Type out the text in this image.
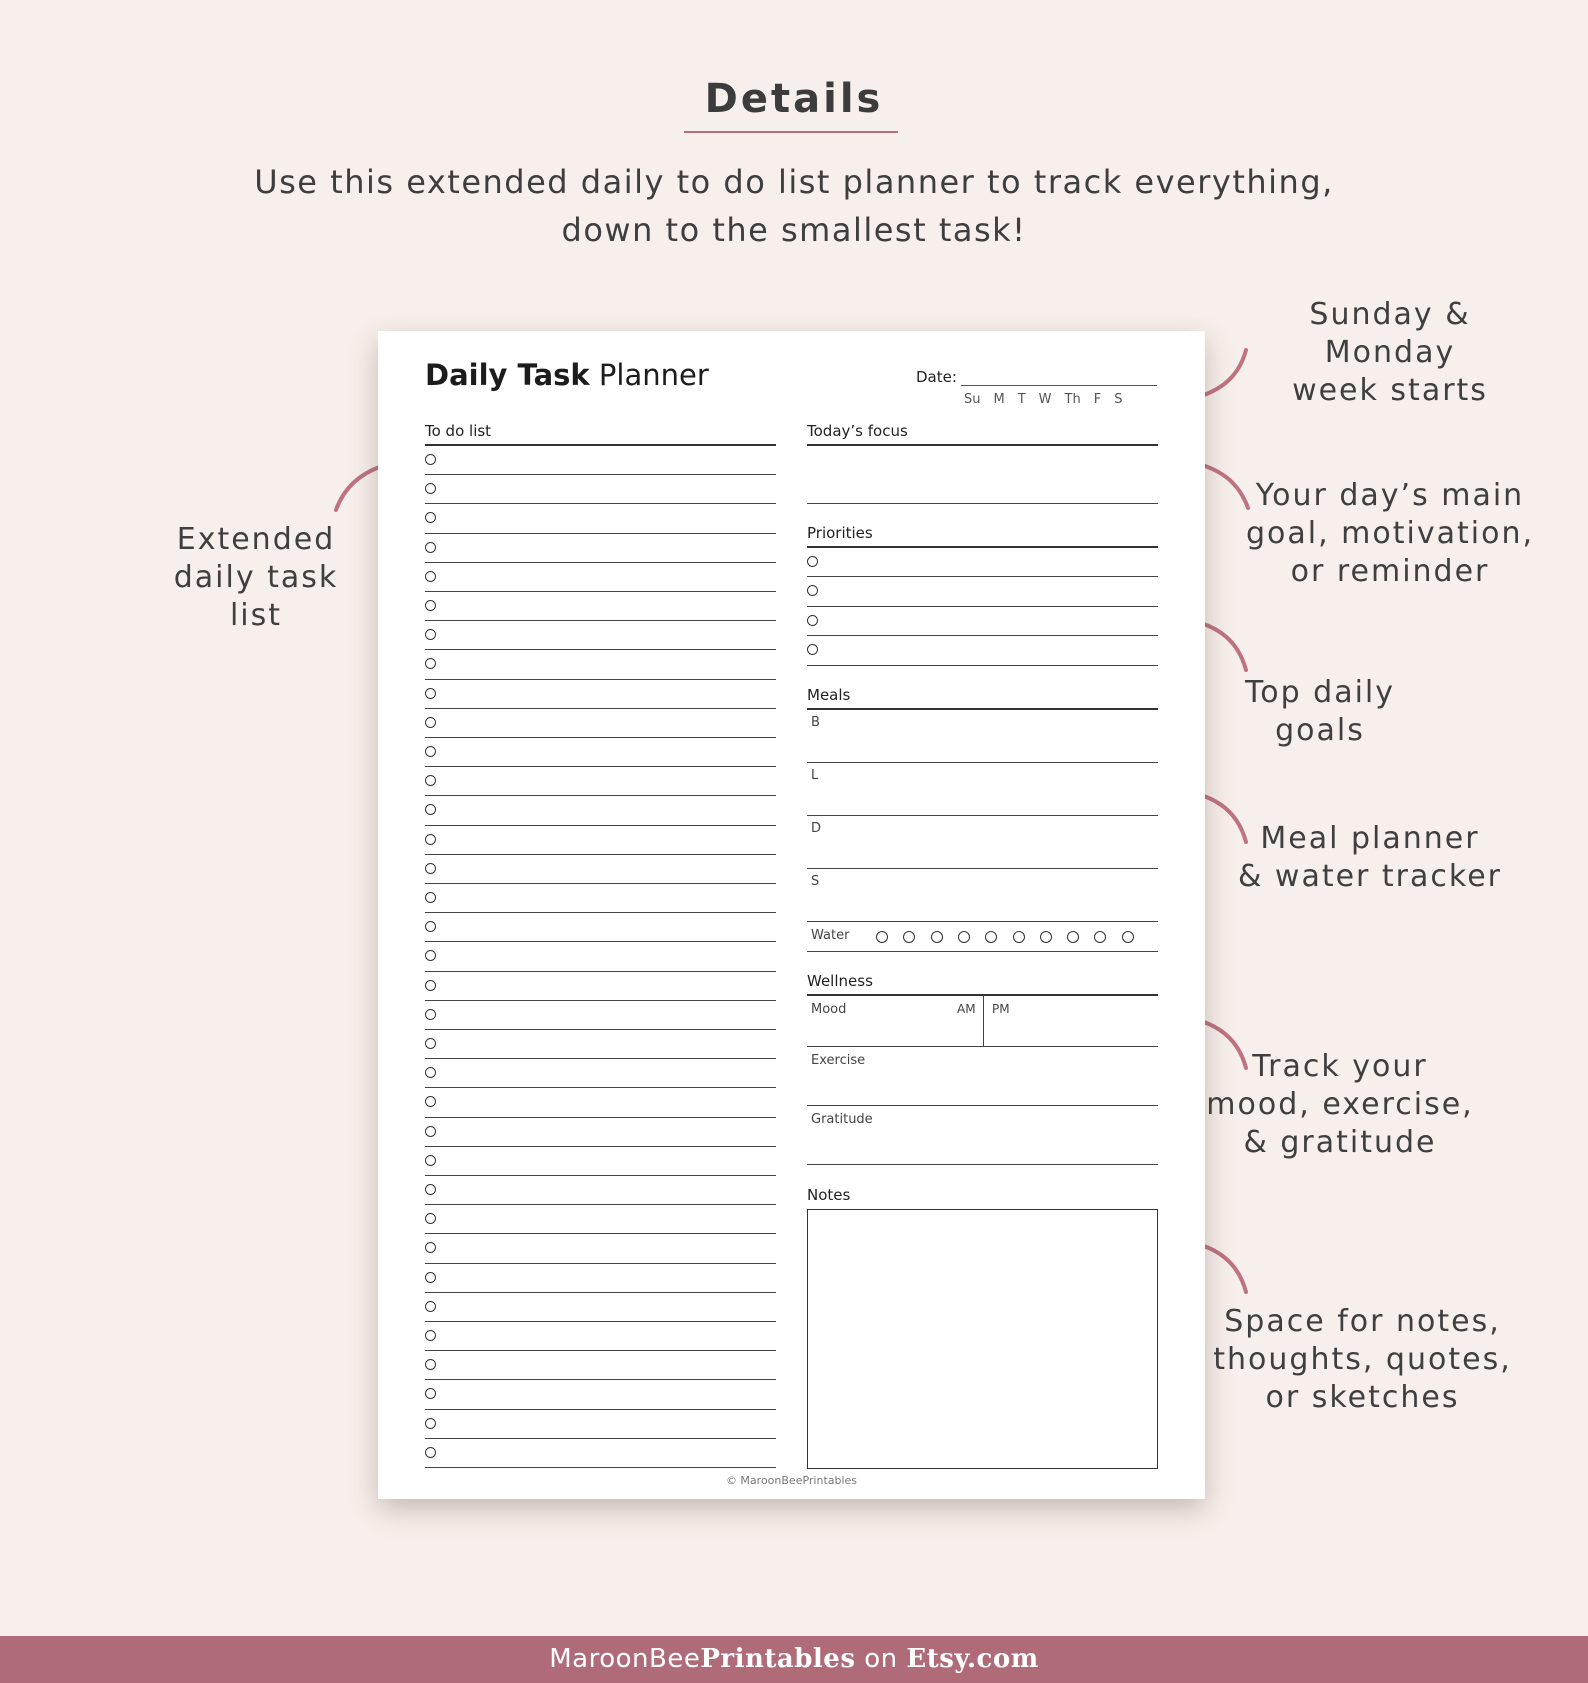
Details
Use this extended daily to do list planner to track everything,
down to the smallest task!
Sunday & Monday
week starts
Your day’s main
goal, motivation,
or reminder
Top daily
goals
Meal planner
& water tracker
Track your
mood, exercise,
& gratitude
Space for notes,
thoughts, quotes,
or sketches
Extended
daily task
list
Daily Task Planner	Date:
Su M T W Th F S
To do list	Today’s focus
Priorities
Meals
B
L
D
S
Water
Wellness
Mood	AM PM
Exercise
Gratitude
Notes
© MaroonBeePrintables
MaroonBeePrintables on Etsy.com
